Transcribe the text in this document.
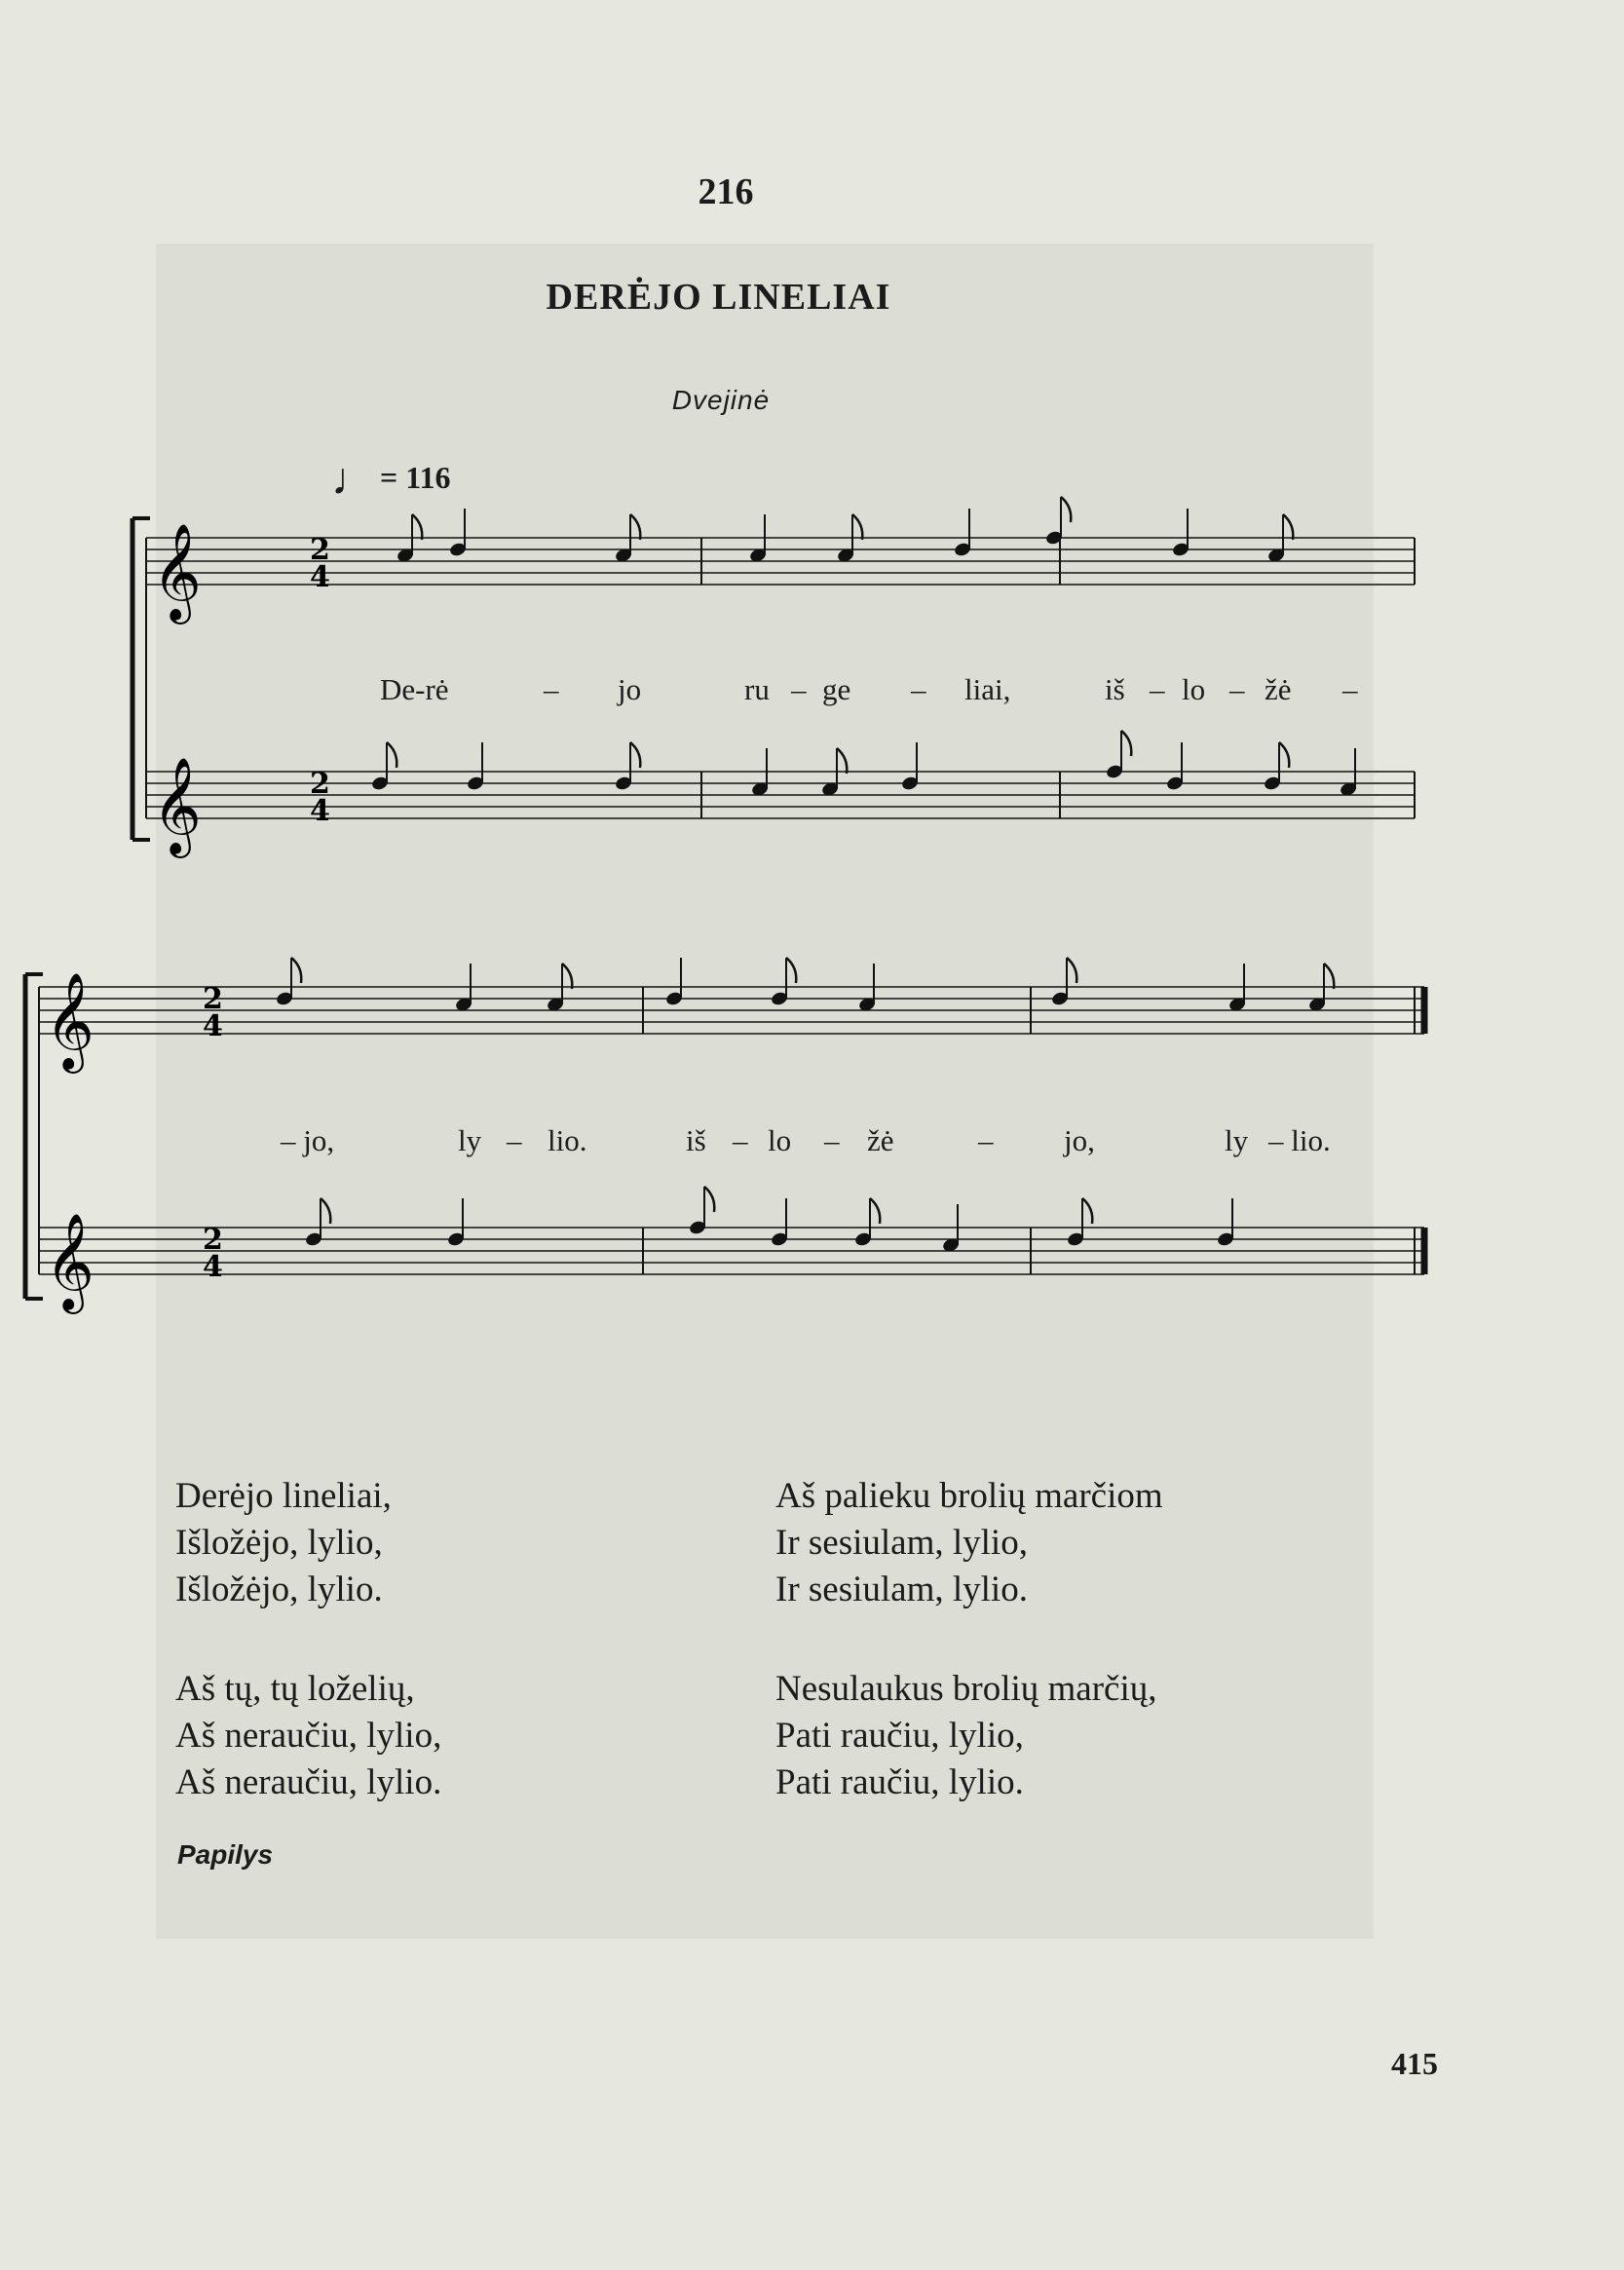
216
DERĖJO LINELIAI
Dvejinė
♩ = 116
𝄞	2
4
𝄞	2
4
𝄞	2
4
𝄞	2
4
De-rė	– jo	ru – ge – liai,	iš – lo – žė –
– jo,	ly – lio.	iš – lo – žė	– jo,	ly – lio.
Derėjo lineliai,
Išložėjo, lylio,
Išložėjo, lylio.
Aš tų, tų loželių,
Aš neraučiu, lylio,
Aš neraučiu, lylio.
Aš palieku brolių marčiom
Ir sesiulam, lylio,
Ir sesiulam, lylio.
Nesulaukus brolių marčių,
Pati raučiu, lylio,
Pati raučiu, lylio.
Papilys
415
